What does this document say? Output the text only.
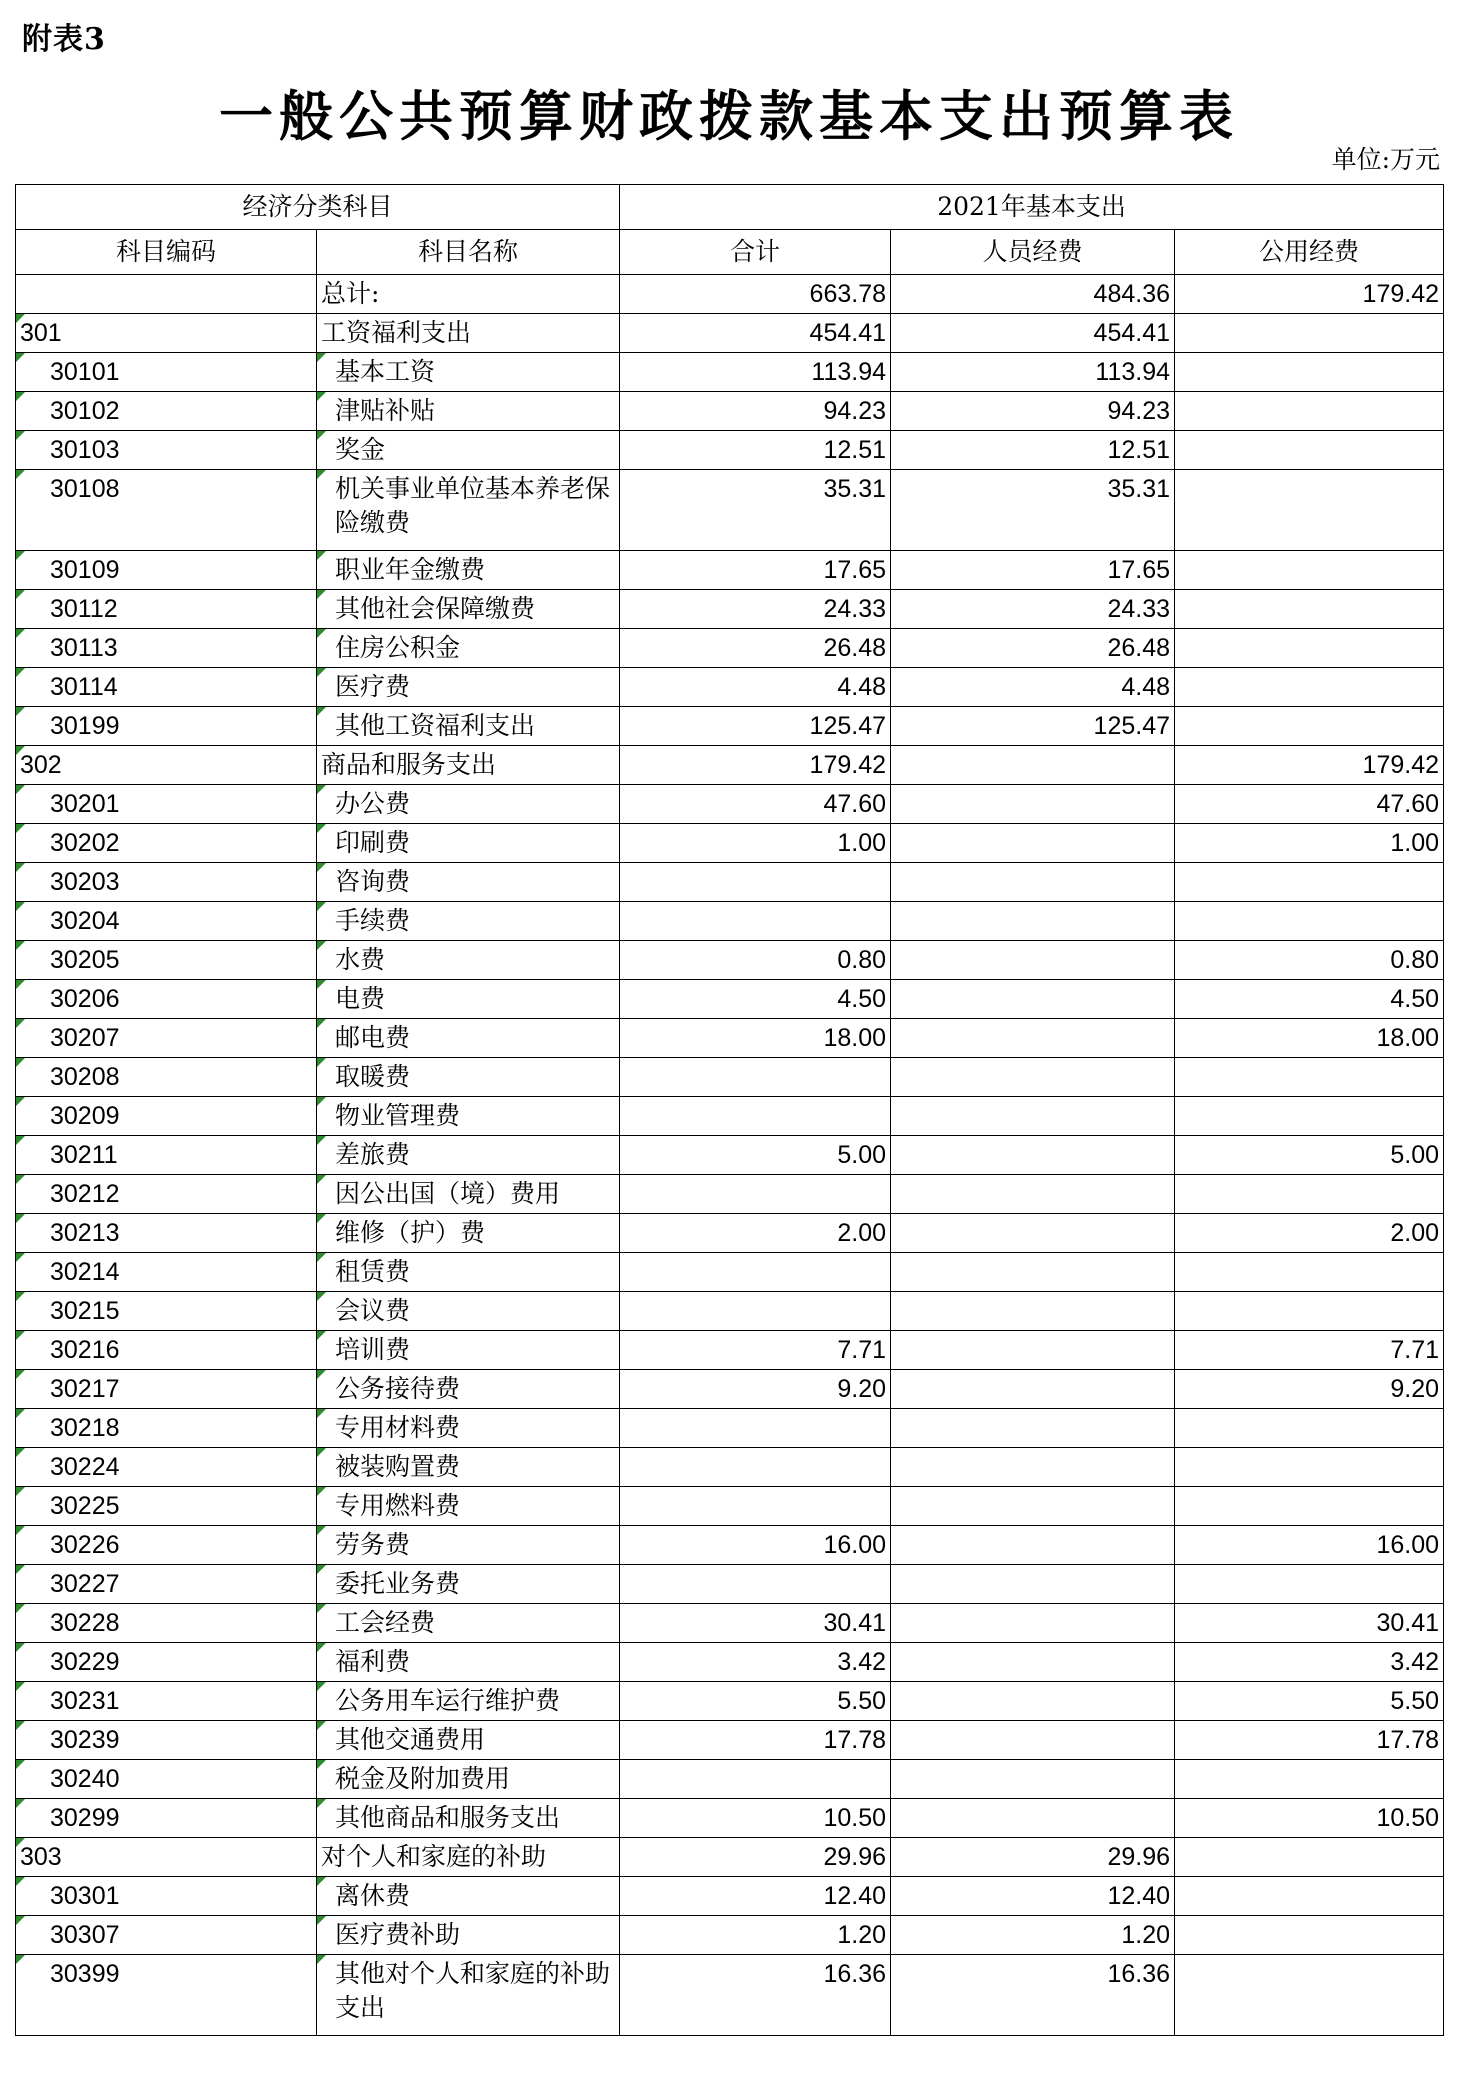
附表3
一般公共预算财政拨款基本支出预算表
单位:万元
经济分类科目		2021年基本支出		
科目编码	科目名称	合计	人员经费	公用经费
	总计:	663.78	484.36	179.42

301	工资福利支出	454.41	454.41	

30101	基本工资	113.94	113.94	

30102	津贴补贴	94.23	94.23	

30103	奖金	12.51	12.51	

30108	机关事业单位基本养老保险缴费	35.31	35.31	

30109	职业年金缴费	17.65	17.65	

30112	其他社会保障缴费	24.33	24.33	

30113	住房公积金	26.48	26.48	

30114	医疗费	4.48	4.48	

30199	其他工资福利支出	125.47	125.47	

302	商品和服务支出	179.42		179.42

30201	办公费	47.60		47.60

30202	印刷费	1.00		1.00

30203	咨询费			

30204	手续费			

30205	水费	0.80		0.80

30206	电费	4.50		4.50

30207	邮电费	18.00		18.00

30208	取暖费			

30209	物业管理费			

30211	差旅费	5.00		5.00

30212	因公出国（境）费用			

30213	维修（护）费	2.00		2.00

30214	租赁费			

30215	会议费			

30216	培训费	7.71		7.71

30217	公务接待费	9.20		9.20

30218	专用材料费			

30224	被装购置费			

30225	专用燃料费			

30226	劳务费	16.00		16.00

30227	委托业务费			

30228	工会经费	30.41		30.41

30229	福利费	3.42		3.42

30231	公务用车运行维护费	5.50		5.50

30239	其他交通费用	17.78		17.78

30240	税金及附加费用			

30299	其他商品和服务支出	10.50		10.50

303	对个人和家庭的补助	29.96	29.96	

30301	离休费	12.40	12.40	

30307	医疗费补助	1.20	1.20	

30399	其他对个人和家庭的补助支出	16.36	16.36	
